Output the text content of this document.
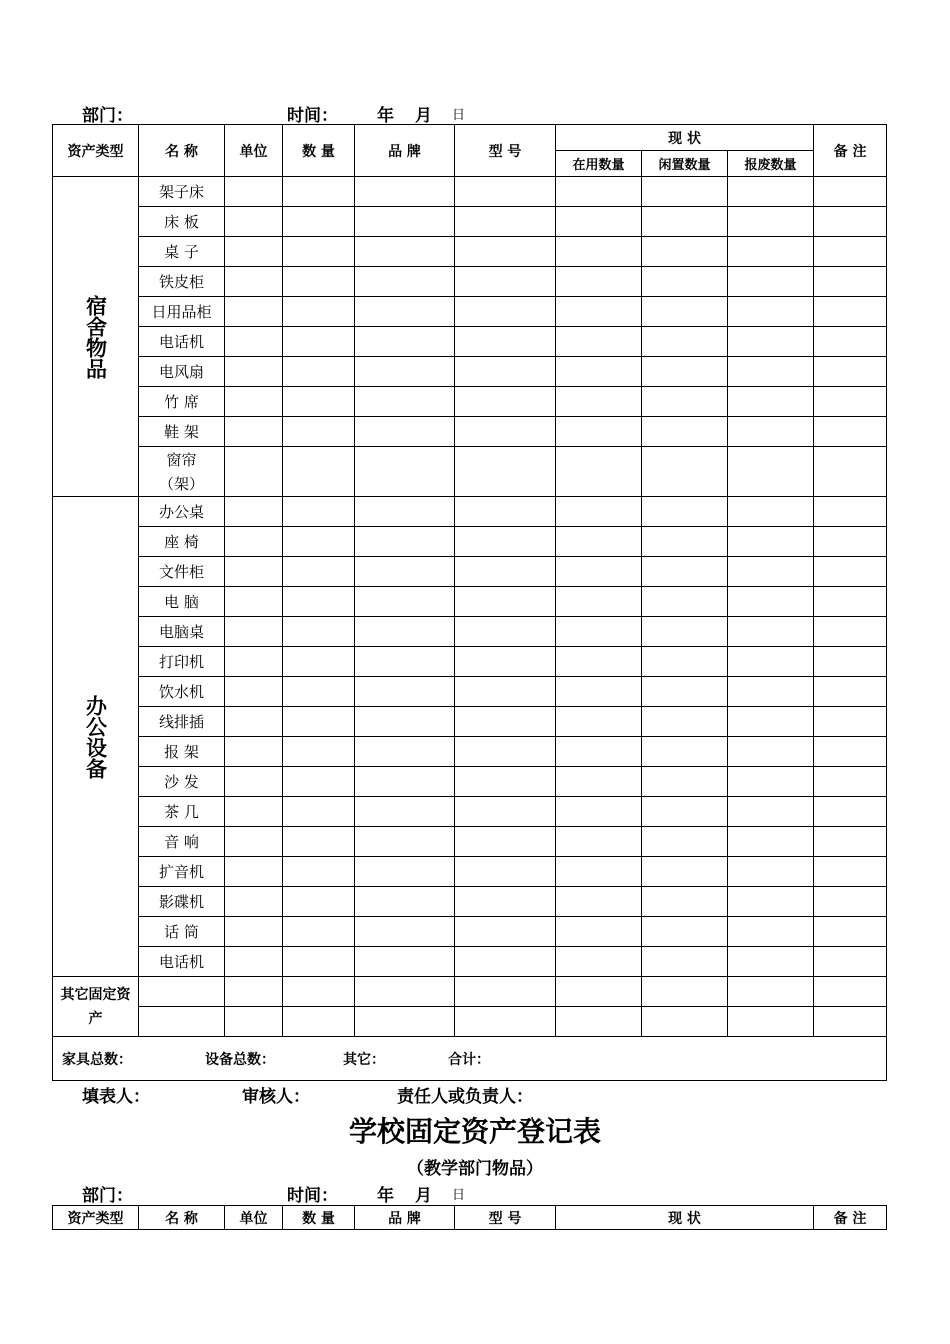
部门：	时间： 年 月 日
资产类型	名 称	单位	数 量	品 牌	型 号	现 状			备 注
						在用数量	闲置数量	报废数量	
宿舍物品	架子床								
	床 板								
	桌 子								
	铁皮柜								
	日用品柜								
	电话机								
	电风扇								
	竹 席								
	鞋 架								
	窗帘（架）								
办公设备	办公桌								
	座 椅								
	文件柜								
	电 脑								
	电脑桌								
	打印机								
	饮水机								
	线排插								
	报 架								
	沙 发								
	茶 几								
	音 响								
	扩音机								
	影碟机								
	话 筒								
	电话机								
其它固定资产									

家具总数： 设备总数： 其它： 合计：									
填表人：	审核人：	责任人或负责人：
学校固定资产登记表
（教学部门物品）
部门：	时间： 年 月 日
资产类型	名 称	单位	数 量	品 牌	型 号	现 状	备 注
